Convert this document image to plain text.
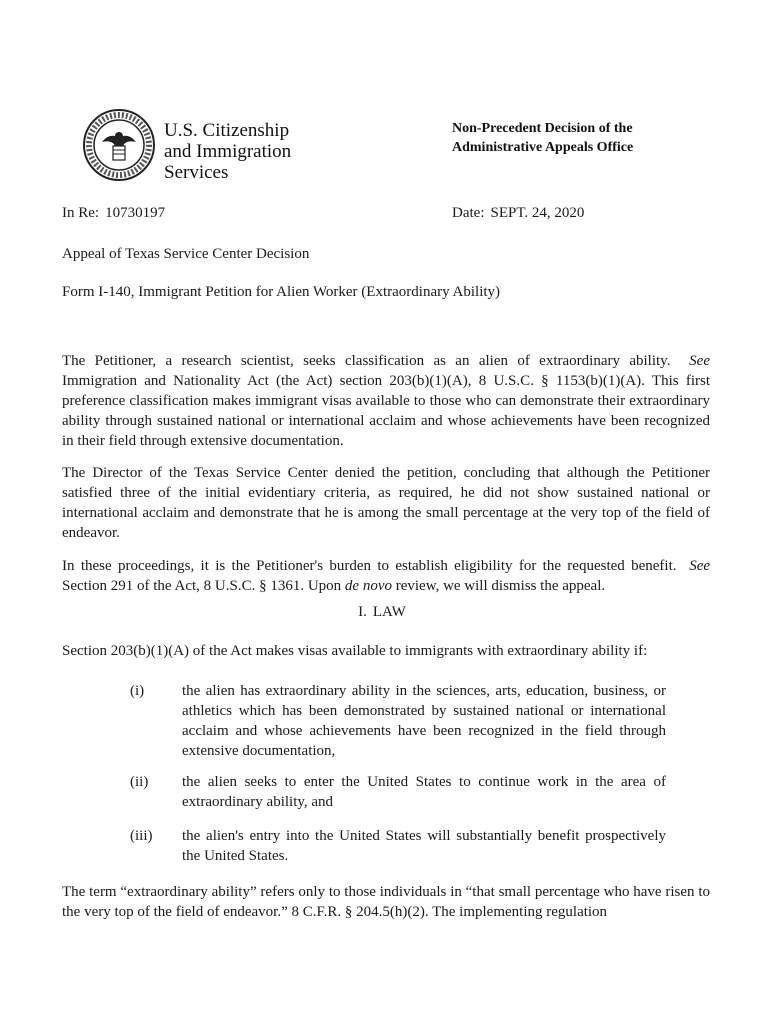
U.S. Citizenship
and Immigration
Services
Non-Precedent Decision of the
Administrative Appeals Office
In Re: 10730197	Date: SEPT. 24, 2020
Appeal of Texas Service Center Decision
Form I-140, Immigrant Petition for Alien Worker (Extraordinary Ability)
The Petitioner, a research scientist, seeks classification as an alien of extraordinary ability. See Immigration and Nationality Act (the Act) section 203(b)(1)(A), 8 U.S.C. § 1153(b)(1)(A). This first preference classification makes immigrant visas available to those who can demonstrate their extraordinary ability through sustained national or international acclaim and whose achievements have been recognized in their field through extensive documentation.
The Director of the Texas Service Center denied the petition, concluding that although the Petitioner satisfied three of the initial evidentiary criteria, as required, he did not show sustained national or international acclaim and demonstrate that he is among the small percentage at the very top of the field of endeavor.
In these proceedings, it is the Petitioner's burden to establish eligibility for the requested benefit. See Section 291 of the Act, 8 U.S.C. § 1361. Upon de novo review, we will dismiss the appeal.
I. LAW
Section 203(b)(1)(A) of the Act makes visas available to immigrants with extraordinary ability if:
(i)	the alien has extraordinary ability in the sciences, arts, education, business, or athletics which has been demonstrated by sustained national or international acclaim and whose achievements have been recognized in the field through extensive documentation,
(ii)	the alien seeks to enter the United States to continue work in the area of extraordinary ability, and
(iii)	the alien's entry into the United States will substantially benefit prospectively the United States.
The term “extraordinary ability” refers only to those individuals in “that small percentage who have risen to the very top of the field of endeavor.” 8 C.F.R. § 204.5(h)(2). The implementing regulation
